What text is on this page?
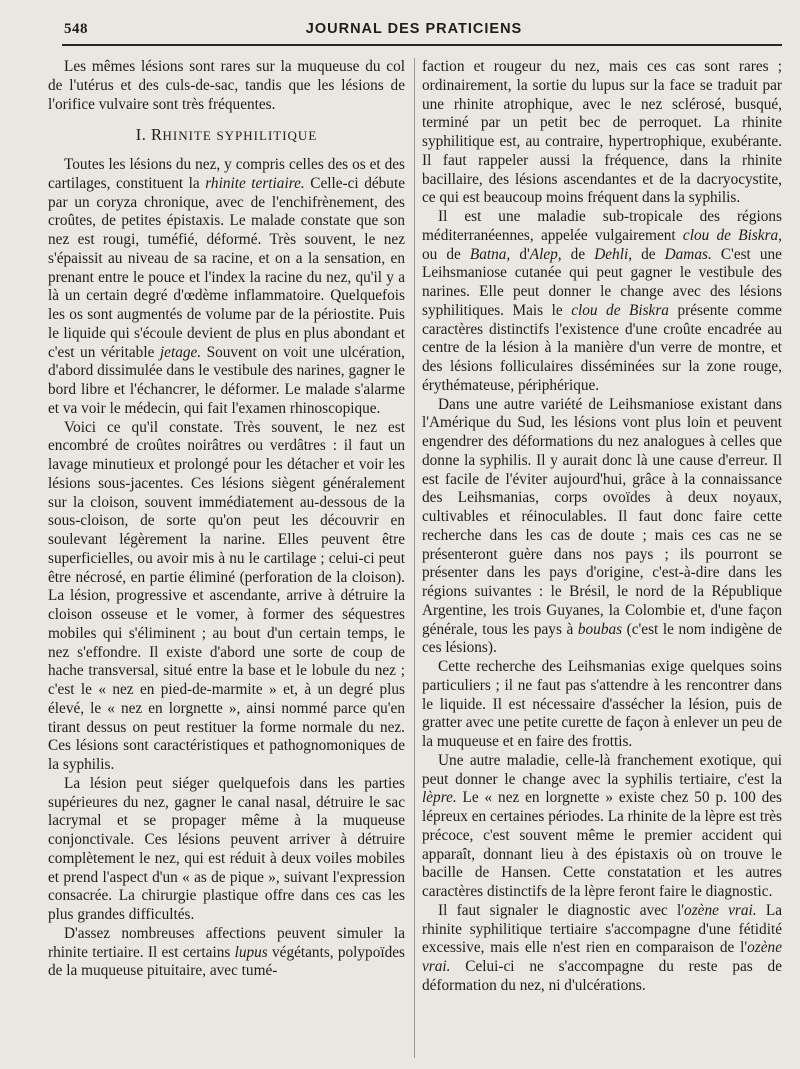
548	JOURNAL DES PRATICIENS

Les mêmes lésions sont rares sur la muqueuse du col de l'utérus et des culs-de-sac, tandis que les lésions de l'orifice vulvaire sont très fréquentes.

I. RHINITE SYPHILITIQUE

Toutes les lésions du nez, y compris celles des os et des cartilages, constituent la rhinite tertiaire. Celle-ci débute par un coryza chronique, avec de l'enchifrènement, des croûtes, de petites épistaxis. Le malade constate que son nez est rougi, tuméfié, déformé. Très souvent, le nez s'épaissit au niveau de sa racine, et on a la sensation, en prenant entre le pouce et l'index la racine du nez, qu'il y a là un certain degré d'œdème inflammatoire. Quelquefois les os sont augmentés de volume par de la périostite. Puis le liquide qui s'écoule devient de plus en plus abondant et c'est un véritable jetage. Souvent on voit une ulcération, d'abord dissimulée dans le vestibule des narines, gagner le bord libre et l'échancrer, le déformer. Le malade s'alarme et va voir le médecin, qui fait l'examen rhinoscopique.

Voici ce qu'il constate. Très souvent, le nez est encombré de croûtes noirâtres ou verdâtres : il faut un lavage minutieux et prolongé pour les détacher et voir les lésions sous-jacentes. Ces lésions siègent généralement sur la cloison, souvent immédiatement au-dessous de la sous-cloison, de sorte qu'on peut les découvrir en soulevant légèrement la narine. Elles peuvent être superficielles, ou avoir mis à nu le cartilage ; celui-ci peut être nécrosé, en partie éliminé (perforation de la cloison). La lésion, progressive et ascendante, arrive à détruire la cloison osseuse et le vomer, à former des séquestres mobiles qui s'éliminent ; au bout d'un certain temps, le nez s'effondre. Il existe d'abord une sorte de coup de hache transversal, situé entre la base et le lobule du nez ; c'est le « nez en pied-de-marmite » et, à un degré plus élevé, le « nez en lorgnette », ainsi nommé parce qu'en tirant dessus on peut restituer la forme normale du nez. Ces lésions sont caractéristiques et pathognomoniques de la syphilis.

La lésion peut siéger quelquefois dans les parties supérieures du nez, gagner le canal nasal, détruire le sac lacrymal et se propager même à la muqueuse conjonctivale. Ces lésions peuvent arriver à détruire complètement le nez, qui est réduit à deux voiles mobiles et prend l'aspect d'un « as de pique », suivant l'expression consacrée. La chirurgie plastique offre dans ces cas les plus grandes difficultés.

D'assez nombreuses affections peuvent simuler la rhinite tertiaire. Il est certains lupus végétants, polypoïdes de la muqueuse pituitaire, avec tumé-

faction et rougeur du nez, mais ces cas sont rares ; ordinairement, la sortie du lupus sur la face se traduit par une rhinite atrophique, avec le nez sclérosé, busqué, terminé par un petit bec de perroquet. La rhinite syphilitique est, au contraire, hypertrophique, exubérante. Il faut rappeler aussi la fréquence, dans la rhinite bacillaire, des lésions ascendantes et de la dacryocystite, ce qui est beaucoup moins fréquent dans la syphilis.

Il est une maladie sub-tropicale des régions méditerranéennes, appelée vulgairement clou de Biskra, ou de Batna, d'Alep, de Dehli, de Damas. C'est une Leihsmaniose cutanée qui peut gagner le vestibule des narines. Elle peut donner le change avec des lésions syphilitiques. Mais le clou de Biskra présente comme caractères distinctifs l'existence d'une croûte encadrée au centre de la lésion à la manière d'un verre de montre, et des lésions folliculaires disséminées sur la zone rouge, érythémateuse, périphérique.

Dans une autre variété de Leihsmaniose existant dans l'Amérique du Sud, les lésions vont plus loin et peuvent engendrer des déformations du nez analogues à celles que donne la syphilis. Il y aurait donc là une cause d'erreur. Il est facile de l'éviter aujourd'hui, grâce à la connaissance des Leihsmanias, corps ovoïdes à deux noyaux, cultivables et réinoculables. Il faut donc faire cette recherche dans les cas de doute ; mais ces cas ne se présenteront guère dans nos pays ; ils pourront se présenter dans les pays d'origine, c'est-à-dire dans les régions suivantes : le Brésil, le nord de la République Argentine, les trois Guyanes, la Colombie et, d'une façon générale, tous les pays à boubas (c'est le nom indigène de ces lésions).

Cette recherche des Leihsmanias exige quelques soins particuliers ; il ne faut pas s'attendre à les rencontrer dans le liquide. Il est nécessaire d'assécher la lésion, puis de gratter avec une petite curette de façon à enlever un peu de la muqueuse et en faire des frottis.

Une autre maladie, celle-là franchement exotique, qui peut donner le change avec la syphilis tertiaire, c'est la lèpre. Le « nez en lorgnette » existe chez 50 p. 100 des lépreux en certaines périodes. La rhinite de la lèpre est très précoce, c'est souvent même le premier accident qui apparaît, donnant lieu à des épistaxis où on trouve le bacille de Hansen. Cette constatation et les autres caractères distinctifs de la lèpre feront faire le diagnostic.

Il faut signaler le diagnostic avec l'ozène vrai. La rhinite syphilitique tertiaire s'accompagne d'une fétidité excessive, mais elle n'est rien en comparaison de l'ozène vrai. Celui-ci ne s'accompagne du reste pas de déformation du nez, ni d'ulcérations.
